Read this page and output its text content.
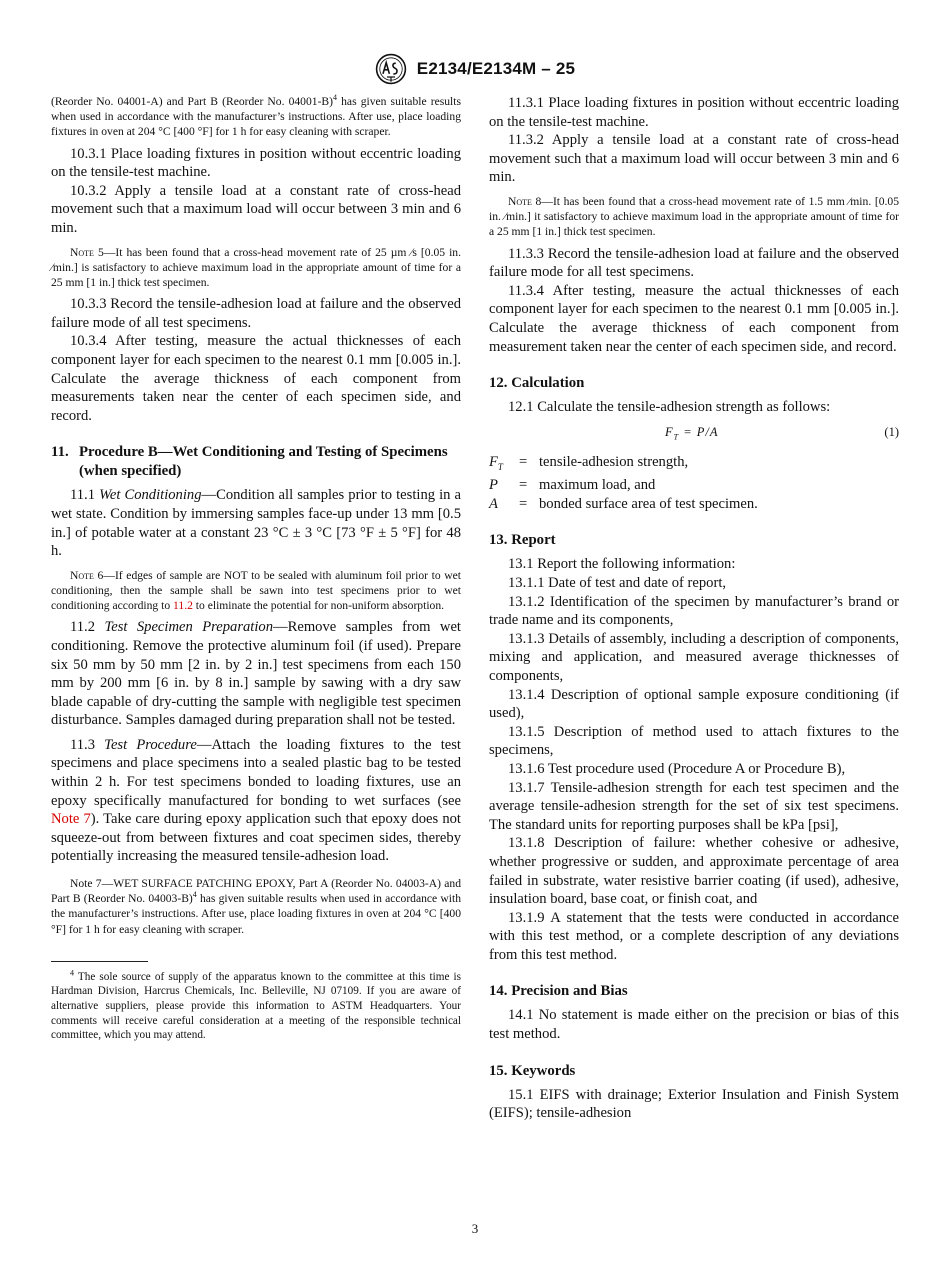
E2134/E2134M – 25

(Reorder No. 04001-A) and Part B (Reorder No. 04001-B)$^4$ has given suitable results when used in accordance with the manufacturer’s instructions. After use, place loading fixtures in oven at 204 °C [400 °F] for 1 h for easy cleaning with scraper.

10.3.1 Place loading fixtures in position without eccentric loading on the tensile-test machine.

10.3.2 Apply a tensile load at a constant rate of cross-head movement such that a maximum load will occur between 3 min and 6 min.

Note 5—It has been found that a cross-head movement rate of 25 µm ⁄s [0.05 in. ⁄min.] is satisfactory to achieve maximum load in the appropriate amount of time for a 25 mm [1 in.] thick test specimen.

10.3.3 Record the tensile-adhesion load at failure and the observed failure mode of all test specimens.

10.3.4 After testing, measure the actual thicknesses of each component layer for each specimen to the nearest 0.1 mm [0.005 in.]. Calculate the average thickness of each component from measurements taken near the center of each specimen side, and record.

11. Procedure B—Wet Conditioning and Testing of Specimens (when specified)

11.1 Wet Conditioning—Condition all samples prior to testing in a wet state. Condition by immersing samples face-up under 13 mm [0.5 in.] of potable water at a constant 23 °C ± 3 °C [73 °F ± 5 °F] for 48 h.

Note 6—If edges of sample are NOT to be sealed with aluminum foil prior to wet conditioning, then the sample shall be sawn into test specimens prior to wet conditioning according to 11.2 to eliminate the potential for non-uniform absorption.

11.2 Test Specimen Preparation—Remove samples from wet conditioning. Remove the protective aluminum foil (if used). Prepare six 50 mm by 50 mm [2 in. by 2 in.] test specimens from each 150 mm by 200 mm [6 in. by 8 in.] sample by sawing with a dry saw blade capable of dry-cutting the sample with negligible test specimen disturbance. Samples damaged during preparation shall not be tested.

11.3 Test Procedure—Attach the loading fixtures to the test specimens and place specimens into a sealed plastic bag to be tested within 2 h. For test specimens bonded to loading fixtures, use an epoxy specifically manufactured for bonding to wet surfaces (see Note 7). Take care during epoxy application such that epoxy does not squeeze-out from between fixtures and coat specimen sides, thereby potentially increasing the measured tensile-adhesion load.

Note 7—WET SURFACE PATCHING EPOXY, Part A (Reorder No. 04003-A) and Part B (Reorder No. 04003-B)$^4$ has given suitable results when used in accordance with the manufacturer’s instructions. After use, place loading fixtures in oven at 204 °C [400 °F] for 1 h for easy cleaning with scraper.

$^4$ The sole source of supply of the apparatus known to the committee at this time is Hardman Division, Harcrus Chemicals, Inc. Belleville, NJ 07109. If you are aware of alternative suppliers, please provide this information to ASTM Headquarters. Your comments will receive careful consideration at a meeting of the responsible technical committee, which you may attend.

11.3.1 Place loading fixtures in position without eccentric loading on the tensile-test machine.

11.3.2 Apply a tensile load at a constant rate of cross-head movement such that a maximum load will occur between 3 min and 6 min.

Note 8—It has been found that a cross-head movement rate of 1.5 mm ⁄min. [0.05 in. ⁄min.] it satisfactory to achieve maximum load in the appropriate amount of time for a 25 mm [1 in.] thick test specimen.

11.3.3 Record the tensile-adhesion load at failure and the observed failure mode for all test specimens.

11.3.4 After testing, measure the actual thicknesses of each component layer for each specimen to the nearest 0.1 mm [0.005 in.]. Calculate the average thickness of each component from measurement taken near the center of each specimen side, and record.

12. Calculation

12.1 Calculate the tensile-adhesion strength as follows:

$F_T = P/A$	(1)
$F_T$	= tensile-adhesion strength,
P	= maximum load, and
A	= bonded surface area of test specimen.
13. Report

13.1 Report the following information:

13.1.1 Date of test and date of report,

13.1.2 Identification of the specimen by manufacturer’s brand or trade name and its components,

13.1.3 Details of assembly, including a description of components, mixing and application, and measured average thicknesses of components,

13.1.4 Description of optional sample exposure conditioning (if used),

13.1.5 Description of method used to attach fixtures to the specimens,

13.1.6 Test procedure used (Procedure A or Procedure B),

13.1.7 Tensile-adhesion strength for each test specimen and the average tensile-adhesion strength for the set of six test specimens. The standard units for reporting purposes shall be kPa [psi],

13.1.8 Description of failure: whether cohesive or adhesive, whether progressive or sudden, and approximate percentage of area failed in substrate, water resistive barrier coating (if used), adhesive, insulation board, base coat, or finish coat, and

13.1.9 A statement that the tests were conducted in accordance with this test method, or a complete description of any deviations from this test method.

14. Precision and Bias

14.1 No statement is made either on the precision or bias of this test method.

15. Keywords

15.1 EIFS with drainage; Exterior Insulation and Finish System (EIFS); tensile-adhesion

3
